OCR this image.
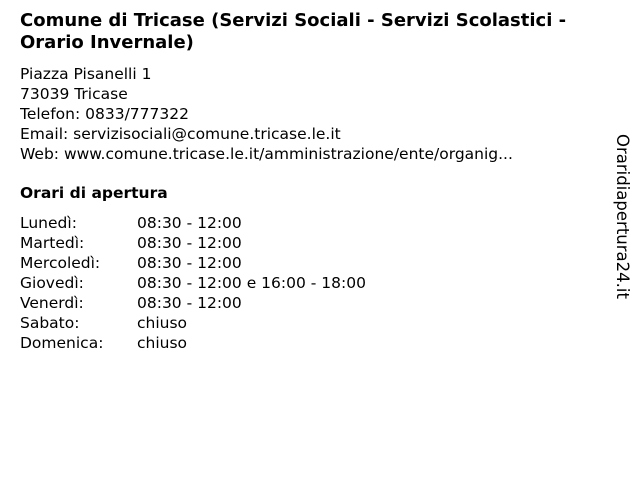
Comune di Tricase (Servizi Sociali - Servizi Scolastici - Orario Invernale)
Piazza Pisanelli 1
73039 Tricase
Telefon: 0833/777322
Email: servizisociali@comune.tricase.le.it
Web: www.comune.tricase.le.it/amministrazione/ente/organig...
Orari di apertura
Lunedì:	08:30 - 12:00
Martedì:	08:30 - 12:00
Mercoledì:	08:30 - 12:00
Giovedì:	08:30 - 12:00 e 16:00 - 18:00
Venerdì:	08:30 - 12:00
Sabato:	chiuso
Domenica:	chiuso
Oraridiapertura24.it
